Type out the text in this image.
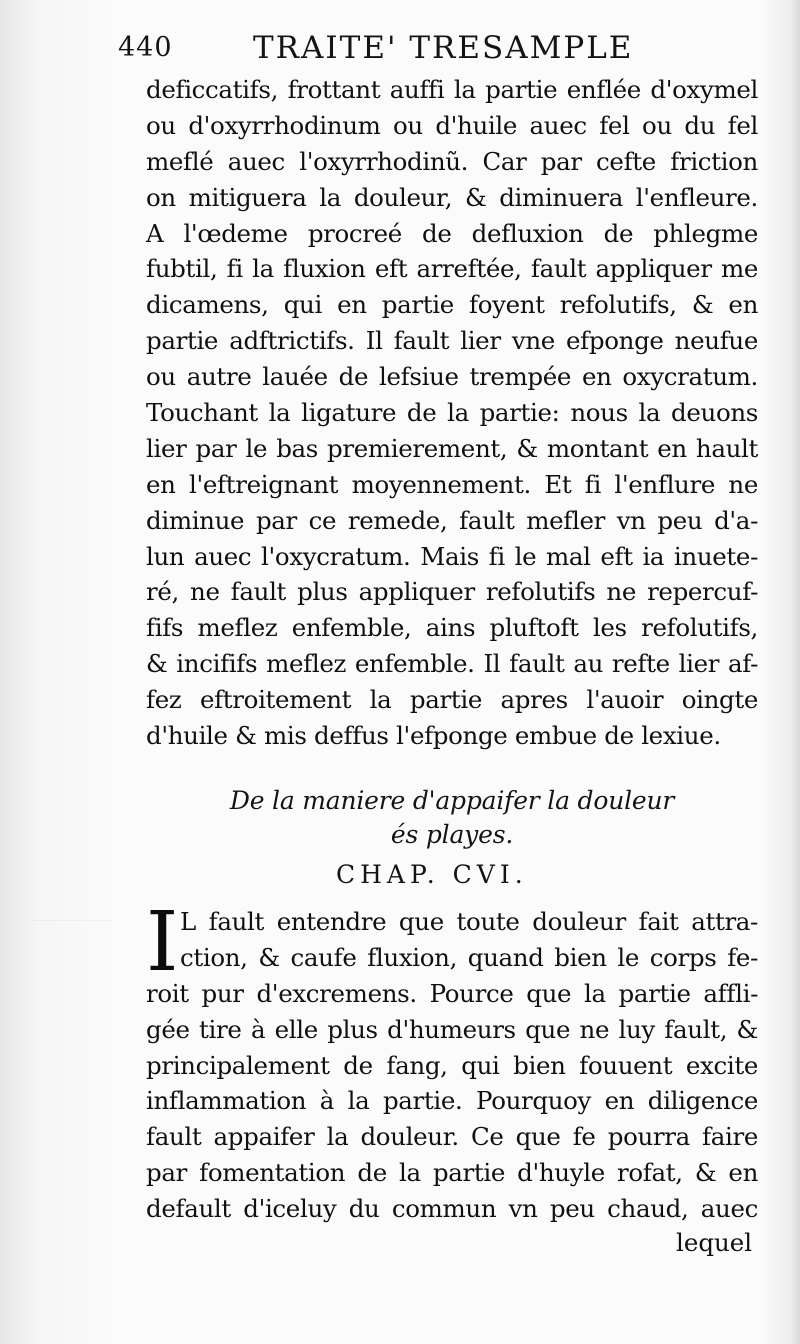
440	TRAITE' TRESAMPLE
deficcatifs, frottant auffi la partie enflée d'oxymel
ou d'oxyrrhodinum ou d'huile auec fel ou du fel
meflé auec l'oxyrrhodinũ. Car par cefte friction
on mitiguera la douleur, & diminuera l'enfleure.
A l'œdeme procreé de defluxion de phlegme
fubtil, fi la fluxion eft arreftée, fault appliquer me
dicamens, qui en partie foyent refolutifs, & en
partie adftrictifs. Il fault lier vne efponge neufue
ou autre lauée de lefsiue trempée en oxycratum.
Touchant la ligature de la partie: nous la deuons
lier par le bas premierement, & montant en hault
en l'eftreignant moyennement. Et fi l'enflure ne
diminue par ce remede, fault mefler vn peu d'a-
lun auec l'oxycratum. Mais fi le mal eft ia inuete-
ré, ne fault plus appliquer refolutifs ne repercuf-
fifs meflez enfemble, ains pluftoft les refolutifs,
& incififs meflez enfemble. Il fault au refte lier af-
fez eftroitement la partie apres l'auoir oingte
d'huile & mis deffus l'efponge embue de lexiue.
De la maniere d'appaifer la douleur
és playes.
CHAP. CVI.
I L fault entendre que toute douleur fait attra-
ction, & caufe fluxion, quand bien le corps fe-
roit pur d'excremens. Pource que la partie affli-
gée tire à elle plus d'humeurs que ne luy fault, &
principalement de fang, qui bien fouuent excite
inflammation à la partie. Pourquoy en diligence
fault appaifer la douleur. Ce que fe pourra faire
par fomentation de la partie d'huyle rofat, & en
default d'iceluy du commun vn peu chaud, auec
lequel
